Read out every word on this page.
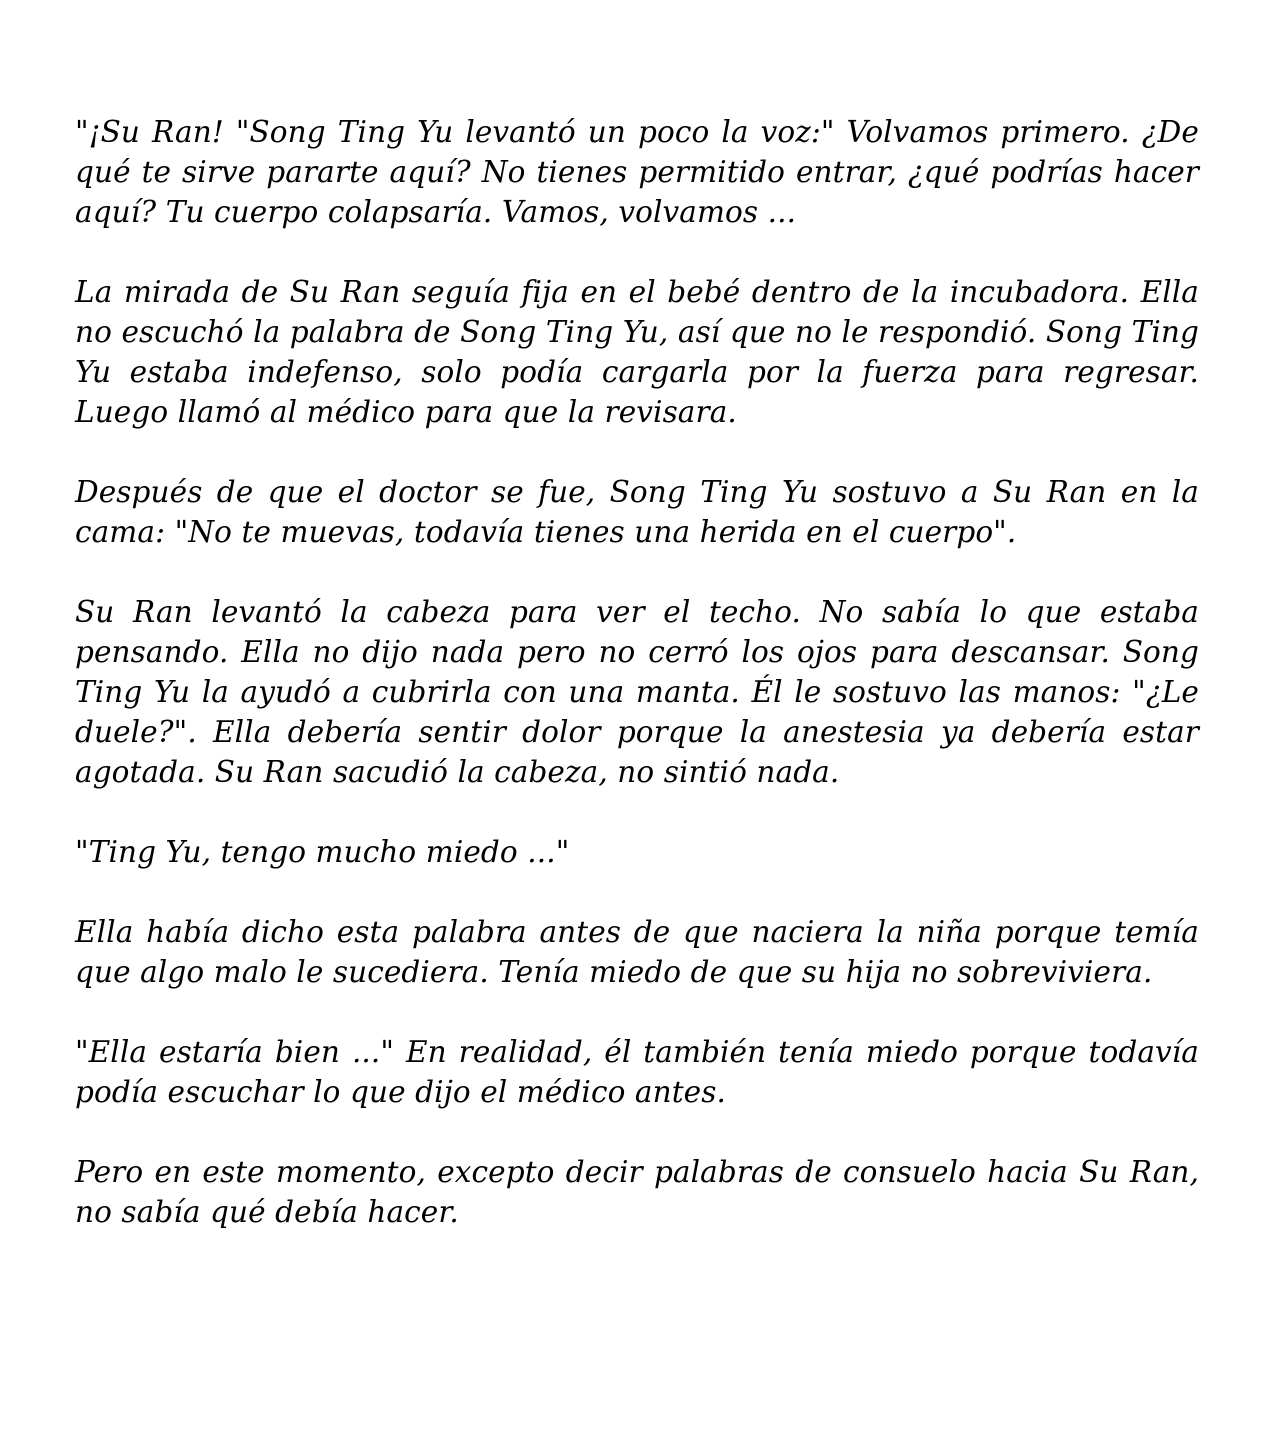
"¡Su Ran! "Song Ting Yu levantó un poco la voz:" Volvamos primero. ¿De qué te sirve pararte aquí? No tienes permitido entrar, ¿qué podrías hacer aquí? Tu cuerpo colapsaría. Vamos, volvamos ...

La mirada de Su Ran seguía fija en el bebé dentro de la incubadora. Ella no escuchó la palabra de Song Ting Yu, así que no le respondió. Song Ting Yu estaba indefenso, solo podía cargarla por la fuerza para regresar. Luego llamó al médico para que la revisara.

Después de que el doctor se fue, Song Ting Yu sostuvo a Su Ran en la cama: "No te muevas, todavía tienes una herida en el cuerpo".

Su Ran levantó la cabeza para ver el techo. No sabía lo que estaba pensando. Ella no dijo nada pero no cerró los ojos para descansar. Song Ting Yu la ayudó a cubrirla con una manta. Él le sostuvo las manos: "¿Le duele?". Ella debería sentir dolor porque la anestesia ya debería estar agotada. Su Ran sacudió la cabeza, no sintió nada.

"Ting Yu, tengo mucho miedo ..."

Ella había dicho esta palabra antes de que naciera la niña porque temía que algo malo le sucediera. Tenía miedo de que su hija no sobreviviera.

"Ella estaría bien ..." En realidad, él también tenía miedo porque todavía podía escuchar lo que dijo el médico antes.

Pero en este momento, excepto decir palabras de consuelo hacia Su Ran, no sabía qué debía hacer.
